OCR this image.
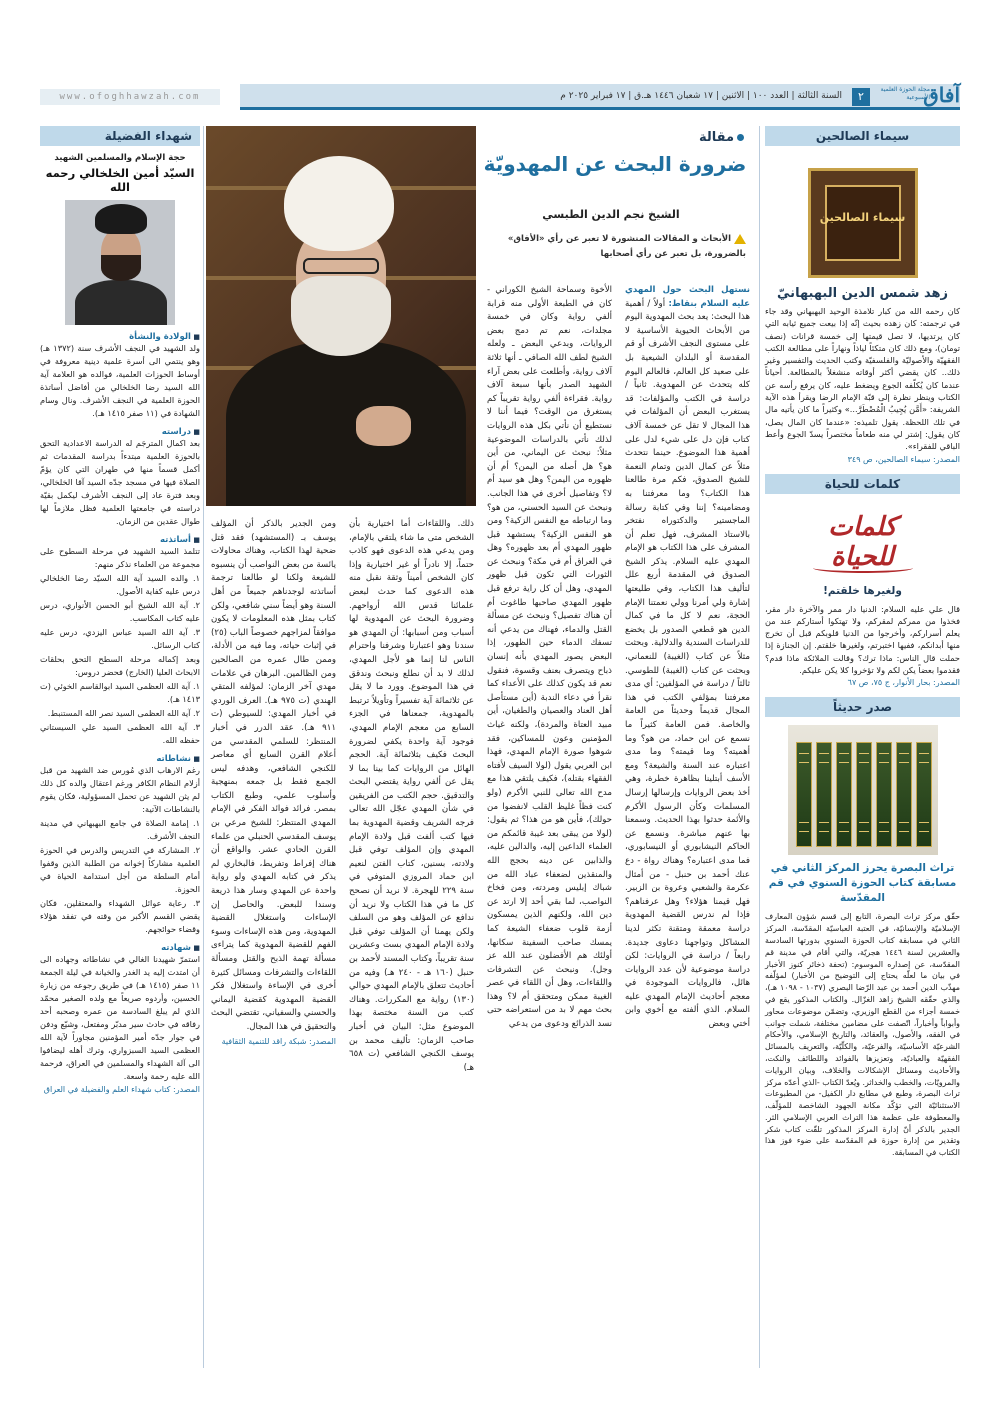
آفاق
مجلة الحوزة العلمية الأسبوعية
٢
السنة الثالثة | العدد ١٠٠ | الاثنين | ١٧ شعبان ١٤٤٦ هـ.ق | ١٧ فبراير ٢٠٢٥ م
www.ofoghhawzah.com
سيماء الصالحين
سيماء الصالحين
زهد شمس الدين البهبهانيّ
كان رحمه الله من كبار تلامذة الوحيد البهبهاني وقد جاء في ترجمته: كان زهده بحيث إنّه إذا بيعت جميع ثيابه التي كان يرتديها، لا تصل قيمتها إلى خمسة قرانات (نصف تومان)، ومع ذلك كان متكئاً لياذاً ونهاراً على مطالعة الكتب الفقهيّة والأصوليّة والفلسفيّة وكتب الحديث والتفسير وغير ذلك.. كان يقضي أكثر أوقاته منشغلاً بالمطالعة. أحياناً عندما كان يُكلّفه الجوع ويضغط عليه، كان يرفع رأسه عن الكتاب وينظر نظرة إلى قبّة الإمام الرضا ويقرأ هذه الآية الشريفة: «أَمَّن يُجِيبُ الْمُضْطَرَّ...» وكثيراً ما كان يأتيه مال في تلك اللحظة. يقول تلميذه: «عندما كان المال يصل، كان يقول: إشتر لي منه طعاماً مختصراً يسدّ الجوع وأعط الباقي للفقراء».
المصدر: سيماء الصالحين، ص ٣٤٩
كلمات للحياة
كلمات للحياة
ولغيرها خلقتم!
قال علي عليه السلام: الدنيا دار ممر والآخرة دار مقر، فخذوا من ممركم لمقركم، ولا تهتكوا أستاركم عند من يعلم أسراركم، وأخرجوا من الدنيا قلوبكم قبل أن تخرج منها أبدانكم، ففيها اختبرتم، ولغيرها خلقتم. إن الجنازة إذا حملت قال الناس: ماذا ترك؟ وقالت الملائكة ماذا قدم؟ فقدموا بعضاً يكن لكم ولا تؤخروا كلا يكن عليكم.
المصدر: بحار الأنوار، ج ٧٥، ص ٦٧
صدر حديثاً
تراث البصرة يحرز المركز الثاني في مسابقة كتاب الحوزة السنوي في قم المقدّسة
حقّق مركز تراث البصرة، التابع إلى قسم شؤون المعارف الإسلاميّة والإنسانيّة، في العتبة العباسيّة المقدّسة، المركز الثاني في مسابقة كتاب الحوزة السنوي بدورتها السادسة والعشرين لسنة ١٤٤٦ هجريّة، والتي أقام في مدينة قم المقدّسة، عن إصداره الموسوم: (تحفة ذخائر كنوز الأخبار في بيان ما لعلّه يحتاج إلى التوضيح من الأخبار) لمؤلّفه مهذّب الدين أحمد بن عبد الرّضا البصري (١٠٣٧ - ١٠٩٨ هـ)، والذي حقّقه الشيخ زاهد الغزّال. والكتاب المذكور يقع في خمسة أجزاء من القطع الوزيري، وتضمّن موضوعات محاور وأبواباً وأخباراً، اتّصفت على مضامين مختلفة، شملت جوانب في الفقه، والأصول، والعقائد، والتاريخ الإسلامي، والأحكام الشرعيّة الأساسيّة، والفرعيّة، والكلّيّة، والتعريف بالمسائل الفقهيّة والعباديّة، وتعزيزها بالفوائد واللطائف والنكت، والأحاديث ومسائل الإشكالات والخلاف، وبيان الروايات والمرويّات، والخطب والخداثر. ويُعدّ الكتاب -الذي أعدّه مركز تراث البصرة، وطبع في مطابع دار الكفيل- من المطبوعات الاستثنائيّة التي تؤكّد مكانة الجهود الشاخصة للمؤلّف، والمعطوفة على عظمة هذا التراث العربي الإسلامي الثر. الجدير بالذكر أنّ إدارة المركز المذكور تلقّت كتاب شكر وتقدير من إدارة حوزة قم المقدّسة على ضوء فوز هذا الكتاب في المسابقة.
مقالة
ضرورة البحث عن المهدويّة
الشيخ نجم الدين الطبسي
الأبحاث و المقالات المنشورة لا تعبر عن رأي «الأفاق» بالضرورة، بل تعبر عن رأي أصحابها
نستهل البحث حول المهدي عليه السلام بنقاط: أولاً / أهمية هذا البحث: يعد بحث المهدوية اليوم من الأبحاث الحيوية الأساسية لا على مستوى النجف الأشرف أو قم المقدسة أو البلدان الشيعية بل على صعيد كل العالم، فالعالم اليوم كله يتحدث عن المهدوية. ثانياً / دراسة في الكتب والمؤلفات: قد يستغرب البعض أن المؤلفات في هذا المجال لا تقل عن خمسة آلاف كتاب فإن دل على شيء لدل على أهمية هذا الموضوع. حينما نتحدث مثلاً عن كمال الدين وتمام النعمة للشيخ الصدوق، فكم مرة طالعنا هذا الكتاب؟ وما معرفتنا به ومضامينه؟ إننا وفي كتابة رسالة الماجستير والدكتوراه نفتخر بالاستاذ المشرف، فهل تعلم أن المشرف على هذا الكتاب هو الإمام المهدي عليه السلام. يذكر الشيخ الصدوق في المقدمة أربع علل لتأليف هذا الكتاب، وفي طليعتها إشارة ولي أمرنا وولي نعمتنا الإمام الحجة، نعم لا كل ما في كمال الدين هو قطعي الصدور بل يخضع للدراسات السندية والدلالية. وبحثت مثلاً عن كتاب (الغيبة) للنعماني، وبحثت عن كتاب (الغيبة) للطوسي. ثالثاً / دراسة في المؤلفين: أي مدى معرفتنا بمؤلفي الكتب في هذا المجال قديماً وحديثاً من العامة والخاصة. فمن العامة كثيراً ما نسمع عن ابن حماد، من هو؟ وما أهميته؟ وما قيمته؟ وما مدى اعتباره عند السنة والشيعة؟ ومع الأسف أبتلينا بظاهرة خطرة، وهي أخذ بعض الروايات وإرسالها إرسال المسلمات وكأن الرسول الأكرم والأئمة حدثوا بهذا الحديث. وسمعنا بها عنهم مباشرة. ونسمع عن الحاكم النيشابوري أو النيسابوري، فما مدى اعتباره؟ وهناك رواة - دع عنك أحمد بن حنبل - من أمثال عكرمة والشعبي وعروة بن الزبير. فهل قيمنا هؤلاء؟ وهل عرفناهم؟ فإذا لم ندرس القضية المهدوية دراسة معمقة ومتقنة تكثر لدينا المشاكل وتواجهنا دعاوى جديدة. رابعاً / دراسة في الروايات: لكن دراسة موضوعية لأن عدد الروايات هائل، فالروايات الموجودة في معجم أحاديث الإمام المهدي عليه السلام. الذي ألفته مع أخوي وابن أختي وبعض
الأخوة وسماحة الشيخ الكوراني - كان في الطبعة الأولى منه قرابة ألفي رواية وكان في خمسة مجلدات، نعم تم دمج بعض الروايات، وبدعي البعض ـ ولعله الشيخ لطف الله الصافي ـ أنها ثلاثة آلاف رواية، وأطلعت على بعض آراء الشهيد الصدر بأنها سبعة آلاف رواية. فقراءة ألفي رواية تقريباً كم يستغرق من الوقت؟ فيما أننا لا نستطيع أن نأتي بكل هذه الروايات لذلك نأتي بالدراسات الموضوعية مثلاً: نبحث عن اليماني، من أين هو؟ هل أصله من اليمن؟ أم أن ظهوره من اليمن؟ وهل هو سيد أم لا؟ وتفاصيل أخرى في هذا الجانب. ونبحث عن السيد الحسني، من هو؟ وما ارتباطه مع النفس الزكية؟ ومن هو النفس الزكية؟ يستشهد قبل ظهور المهدي أم بعد ظهوره؟ وهل في العراق أم في مكة؟ ونبحث عن الثورات التي تكون قبل ظهور المهدي، وهل أن كل راية ترفع قبل ظهور المهدي صاحبها طاغوت أم أن هناك تفصيل؟ ونبحث عن مسألة القتل والدماء، فهناك من يدعي أنه تسفك الدماء حين الظهور، إذا البعض يصور المهدي بأنه إنسان ذباح ويتصرف بعنف وقسوة، فنقول نعم قد يكون كذلك على الأعداء كما نقرأ في دعاء الندبة (أين مستأصل أهل العناد والعصيان والطغيان، أين مبيد العتاة والمردة)، ولكنه غياث المؤمنين وعون للمساكين، فقد شوهوا صورة الإمام المهدي، فهذا ابن العربي يقول (لولا السيف لأفتاه الفقهاء بقتله)، فكيف يلتقي هذا مع مدح الله تعالى للنبي الأكرم (ولو كنت فظاً غليظ القلب لانفضوا من حولك)، فأين هو من هذا؟ ثم يقول: (لولا من يبقى بعد غيبة قائمكم من العلماء الداعين إليه، والدالين عليه، والذابين عن دينه بحجج الله والمنقذين لضعفاء عباد الله من شباك إبليس ومردته، ومن فخاخ النواصب، لما بقي أحد إلا ارتد عن دين الله، ولكنهم الذين يمسكون أزمة قلوب ضعفاء الشيعة كما يمسك صاحب السفينة سكانها، أولئك هم الأفضلون عند الله عز وجل). ونبحث عن التشرفات واللقاءات، وهل أن اللقاء في عصر الغيبة ممكن ومتحقق أم لا؟ وهذا بحث مهم لا بد من استعراضه حتى نسد الذرائع ودعوى من يدعي
ذلك. واللقاءات أما اختيارية بأن الشخص متى ما شاء يلتقي بالإمام، ومن يدعي هذه الدعوى فهو كاذب حتماً، إلا نادراً أو غير اختيارية وإذا كان الشخص أميناً وثقة نقبل منه هذه الدعوى كما حدث لبعض علمائنا قدس الله أرواحهم. وضرورة البحث عن المهدوية لها أسباب ومن أسبابها: أن المهدي هو سندنا وهو اعتبارنا وشرفنا واحترام الناس لنا إنما هو لأجل المهدي، لذلك لا بد أن نطلع ونبحث وندقق في هذا الموضوع. وورد ما لا يقل عن ثلاثمائة آية تفسيراً وتأويلاً ترتبط بالمهدوية، جمعناها في الجزء السابع من معجم الإمام المهدي، فوجود آية واحدة يكفي لضرورة البحث فكيف بثلاثمائة آية. الحجم الهائل من الروايات كما بينا بما لا يقل عن ألفي رواية يقتضي البحث والتدقيق. حجم الكتب من الفريقين في شأن المهدي عجّل الله تعالى فرجه الشريف وقضية المهدوية بما فيها كتب ألفت قبل ولادة الإمام المهدي وإن المؤلف توفي قبل ولادته، بسنين، كتاب الفتن لنعيم ابن حماد المروزي المتوفي في سنة ٢٢٩ للهجرة. لا نريد أن نصحح كل ما في هذا الكتاب ولا نريد أن ندافع عن المؤلف وهو من السلف ولكن يهمنا أن المؤلف توفي قبل ولادة الإمام المهدي بست وعشرين سنة تقريباً، وكتاب المسند لأحمد بن حنبل (١٦٠ هـ - ٢٤٠ هـ) وفيه من أحاديث تتعلق بالإمام المهدي حوالي (١٣٠) رواية مع المكررات. وهناك كتب من السنة مختصة بهذا الموضوع مثل: البيان في أخبار صاحب الزمان: تأليف محمد بن يوسف الكنجي الشافعي (ت ٦٥٨ هـ)
ومن الجدير بالذكر أن المؤلف يوسف بـ (المستشهد) فقد قتل ضحية لهذا الكتاب، وهناك محاولات يائسة من بعض النواصب أن ينسبوه للشيعة ولكنا لو طالعنا ترجمة أساتذته لوجدناهم جميعاً من أهل السنة وهو أيضاً سني شافعي، ولكن كتاب بمثل هذه المعلومات لا يكون موافقاً لمزاجهم خصوصاً الباب (٢٥) في إثبات حياته، وما فيه من الأدلة، وممن طال عمره من الصالحين ومن الظالمين. البرهان في علامات مهدي آخر الزمان: لمؤلفه المتقي الهندي (ت ٩٧٥ هـ). العرف الوردي في أخبار المهدي: للسيوطي (ت ٩١١ هـ). عقد الدرر في أخبار المنتظر: للسلمي المقدسي من أعلام القرن السابع أي معاصر للكنجي الشافعي، وهدفه ليس الجمع فقط بل جمعه بمنهجية وأسلوب علمي، وطبع الكتاب بمصر. فرائد فوائد الفكر في الإمام المهدي المنتظر: للشيخ مرعي بن يوسف المقدسي الحنبلي من علماء القرن الحادي عشر. والواقع أن هناك إفراط وتفريط، فالبخاري لم يذكر في كتابه المهدي ولو رواية واحدة عن المهدي وسار هذا ذريعة وسندا للبعض. والحاصل إن الإساءات واستغلال القضية المهدوية، ومن هذه الإساءات وسوء الفهم للقضية المهدوية كما يتراءى مسألة تهمة الذبح والقتل ومسألة اللقاءات والتشرفات ومسائل كثيرة أخرى في الإساءة واستغلال فكر القضية المهدوية كقضية اليماني والحسني والسفياني، تقتضي البحث والتحقيق في هذا المجال.
المصدر: شبكة راقد للتنمية الثقافية
شهداء الفضيلة
حجة الإسلام والمسلمين الشهيد
السيّد أمين الخلخالي رحمه الله
■ الولادة والنشأة
ولد الشهيد في النجف الأشرف سنة (١٣٧٢ هـ) وهو ينتمي الى أسرة علمية دينية معروفة في أوساط الحوزات العلمية، فوالده هو العلامة آية الله السيد رضا الخلخالي من أفاضل أساتذة الحوزة العلمية في النجف الأشرف. ونال وسام الشهادة في (١١ صفر ١٤١٥ هـ).
■ دراسته
بعد اكمال المترجَم له الدراسة الاعدادية التحق بالحوزة العلمية مبتدءاً بدراسة المقدمات ثم أكمل قسماً منها في طهران التي كان يؤمّ الصلاة فيها في مسجد جدّه السيد آقا الخلخالي، وبعد فترة عاد إلى النجف الأشرف ليكمل بقيّة دراسته في جامعتها العلمية فظل ملازماً لها طوال عقدين من الزمان.
■ أساتذته
تتلمذ السيد الشهيد في مرحلة السطوح على مجموعة من العلماء نذكر منهم:
١. والده السيد آية الله السيّد رضا الخلخالي درس عليه كفاية الأصول.
٢. آية الله الشيخ أبو الحسن الأنواري، درس عليه كتاب المكاسب.
٣. آية الله السيد عباس اليزدي، درس عليه كتاب الرسائل.
وبعد إكماله مرحلة السطح التحق بحلقات الابحاث العليا (الخارج) فحضر دروس:
١. آية الله العظمى السيد ابوالقاسم الخوئي (ت ١٤١٣ هـ).
٢. آية الله العظمى السيد نصر الله المستنبط.
٣. آية الله العظمى السيد علي السيستاني حفظه الله.
■ نشاطاته
رغم الارهاب الذي مُورس ضد الشهيد من قبل أزلام النظام الكافر ورغم اعتقال والده كل ذلك لم يثن الشهيد عن تحمل المسؤولية، فكان يقوم بالنشاطات الآتية:
١. إمامة الصلاة في جامع البهبهاني في مدينة النجف الأشرف.
٢. المشاركة في التدريس والدرس في الحوزة العلمية مشاركاً إخوانه من الطلبة الذين وقفوا أمام السلطة من أجل استدامة الحياة في الحوزة.
٣. رعاية عوائل الشهداء والمعتقلين، فكان يقضي القسم الأكبر من وقته في تفقد هؤلاء وقضاء حوائجهم.
■ شهادته
استمرّ شهيدنا الغالي في نشاطاته وجهاده الى أن امتدت إليه يد الغدر والخيانة في ليلة الجمعة ١١ صفر (١٤١٥ هـ) في طريق رجوعه من زيارة الحسين، وأردوه صريعاً مع ولده الصغير محمّد الذي لم يبلغ السادسة من عمره وصحبه أحد رفاقه في حادث سير مدبّر ومفتعل، وشيّع ودفن في جوار جدّه أمير المؤمنين مجاوراً لآية الله العظمى السيد السبزواري، وترك أهله ليضافوا الى آلة الشهداء والمسلمين في العراق، فرحمة الله عليه رحمة واسعة.
المصدر: كتاب شهداء العلم والفضيلة في العراق
